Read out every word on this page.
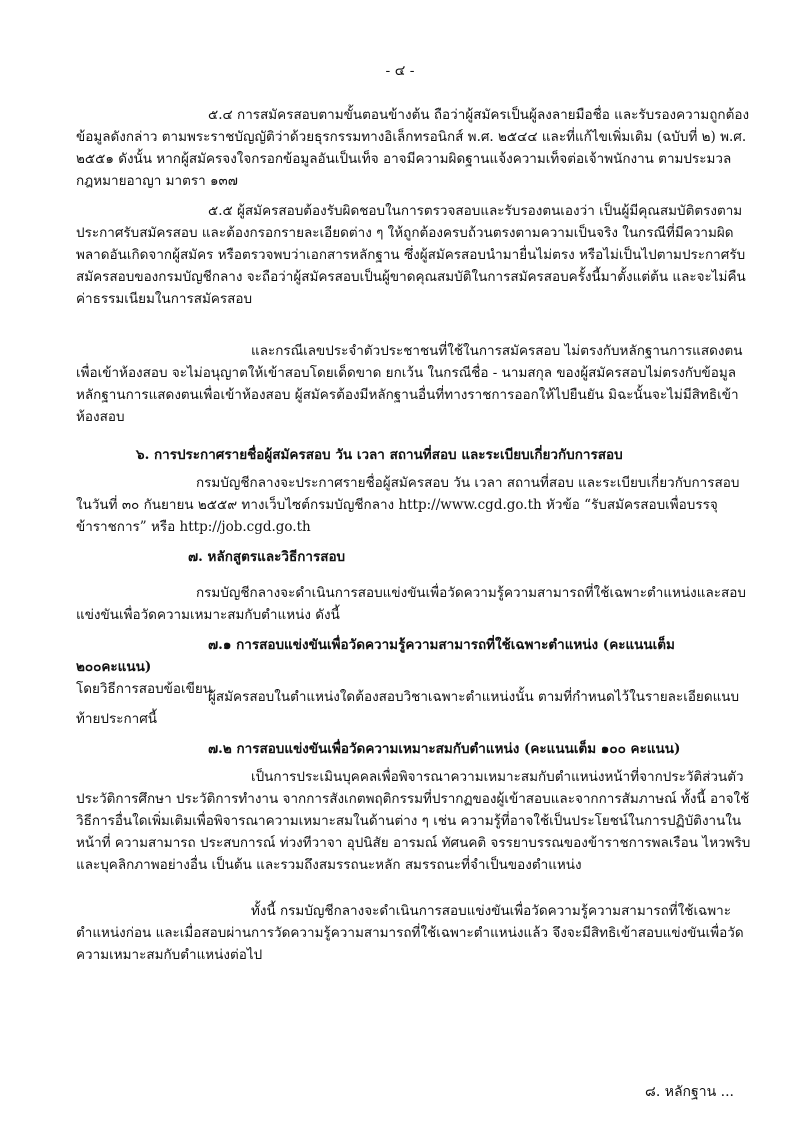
- ๔ -

๕.๔ การสมัครสอบตามขั้นตอนข้างต้น ถือว่าผู้สมัครเป็นผู้ลงลายมือชื่อ และรับรองความถูกต้องข้อมูลดังกล่าว ตามพระราชบัญญัติว่าด้วยธุรกรรมทางอิเล็กทรอนิกส์ พ.ศ. ๒๕๔๔ และที่แก้ไขเพิ่มเติม (ฉบับที่ ๒) พ.ศ. ๒๕๕๑ ดังนั้น หากผู้สมัครจงใจกรอกข้อมูลอันเป็นเท็จ อาจมีความผิดฐานแจ้งความเท็จต่อเจ้าพนักงาน ตามประมวลกฎหมายอาญา มาตรา ๑๓๗

๕.๕ ผู้สมัครสอบต้องรับผิดชอบในการตรวจสอบและรับรองตนเองว่า เป็นผู้มีคุณสมบัติตรงตามประกาศรับสมัครสอบ และต้องกรอกรายละเอียดต่าง ๆ ให้ถูกต้องครบถ้วนตรงตามความเป็นจริง ในกรณีที่มีความผิดพลาดอันเกิดจากผู้สมัคร หรือตรวจพบว่าเอกสารหลักฐาน ซึ่งผู้สมัครสอบนำมายื่นไม่ตรง หรือไม่เป็นไปตามประกาศรับสมัครสอบของกรมบัญชีกลาง จะถือว่าผู้สมัครสอบเป็นผู้ขาดคุณสมบัติในการสมัครสอบครั้งนี้มาตั้งแต่ต้น และจะไม่คืนค่าธรรมเนียมในการสมัครสอบ

และกรณีเลขประจำตัวประชาชนที่ใช้ในการสมัครสอบ ไม่ตรงกับหลักฐานการแสดงตนเพื่อเข้าห้องสอบ จะไม่อนุญาตให้เข้าสอบโดยเด็ดขาด ยกเว้น ในกรณีชื่อ - นามสกุล ของผู้สมัครสอบไม่ตรงกับข้อมูลหลักฐานการแสดงตนเพื่อเข้าห้องสอบ ผู้สมัครต้องมีหลักฐานอื่นที่ทางราชการออกให้ไปยืนยัน มิฉะนั้นจะไม่มีสิทธิเข้าห้องสอบ

๖. การประกาศรายชื่อผู้สมัครสอบ วัน เวลา สถานที่สอบ และระเบียบเกี่ยวกับการสอบ

กรมบัญชีกลางจะประกาศรายชื่อผู้สมัครสอบ วัน เวลา สถานที่สอบ และระเบียบเกี่ยวกับการสอบในวันที่ ๓๐ กันยายน ๒๕๕๙ ทางเว็บไซต์กรมบัญชีกลาง http://www.cgd.go.th หัวข้อ “รับสมัครสอบเพื่อบรรจุข้าราชการ” หรือ http://job.cgd.go.th

๗. หลักสูตรและวิธีการสอบ

กรมบัญชีกลางจะดำเนินการสอบแข่งขันเพื่อวัดความรู้ความสามารถที่ใช้เฉพาะตำแหน่งและสอบแข่งขันเพื่อวัดความเหมาะสมกับตำแหน่ง ดังนี้

๗.๑ การสอบแข่งขันเพื่อวัดความรู้ความสามารถที่ใช้เฉพาะตำแหน่ง (คะแนนเต็ม ๒๐๐คะแนน)

โดยวิธีการสอบข้อเขียน

ผู้สมัครสอบในตำแหน่งใดต้องสอบวิชาเฉพาะตำแหน่งนั้น ตามที่กำหนดไว้ในรายละเอียดแนบท้ายประกาศนี้

๗.๒ การสอบแข่งขันเพื่อวัดความเหมาะสมกับตำแหน่ง (คะแนนเต็ม ๑๐๐ คะแนน)

เป็นการประเมินบุคคลเพื่อพิจารณาความเหมาะสมกับตำแหน่งหน้าที่จากประวัติส่วนตัว ประวัติการศึกษา ประวัติการทำงาน จากการสังเกตพฤติกรรมที่ปรากฏของผู้เข้าสอบและจากการสัมภาษณ์ ทั้งนี้ อาจใช้วิธีการอื่นใดเพิ่มเติมเพื่อพิจารณาความเหมาะสมในด้านต่าง ๆ เช่น ความรู้ที่อาจใช้เป็นประโยชน์ในการปฏิบัติงานในหน้าที่ ความสามารถ ประสบการณ์ ท่วงทีวาจา อุปนิสัย อารมณ์ ทัศนคติ จรรยาบรรณของข้าราชการพลเรือน ไหวพริบ และบุคลิกภาพอย่างอื่น เป็นต้น และรวมถึงสมรรถนะหลัก สมรรถนะที่จำเป็นของตำแหน่ง

ทั้งนี้ กรมบัญชีกลางจะดำเนินการสอบแข่งขันเพื่อวัดความรู้ความสามารถที่ใช้เฉพาะตำแหน่งก่อน และเมื่อสอบผ่านการวัดความรู้ความสามารถที่ใช้เฉพาะตำแหน่งแล้ว จึงจะมีสิทธิเข้าสอบแข่งขันเพื่อวัดความเหมาะสมกับตำแหน่งต่อไป

๘. หลักฐาน ...
